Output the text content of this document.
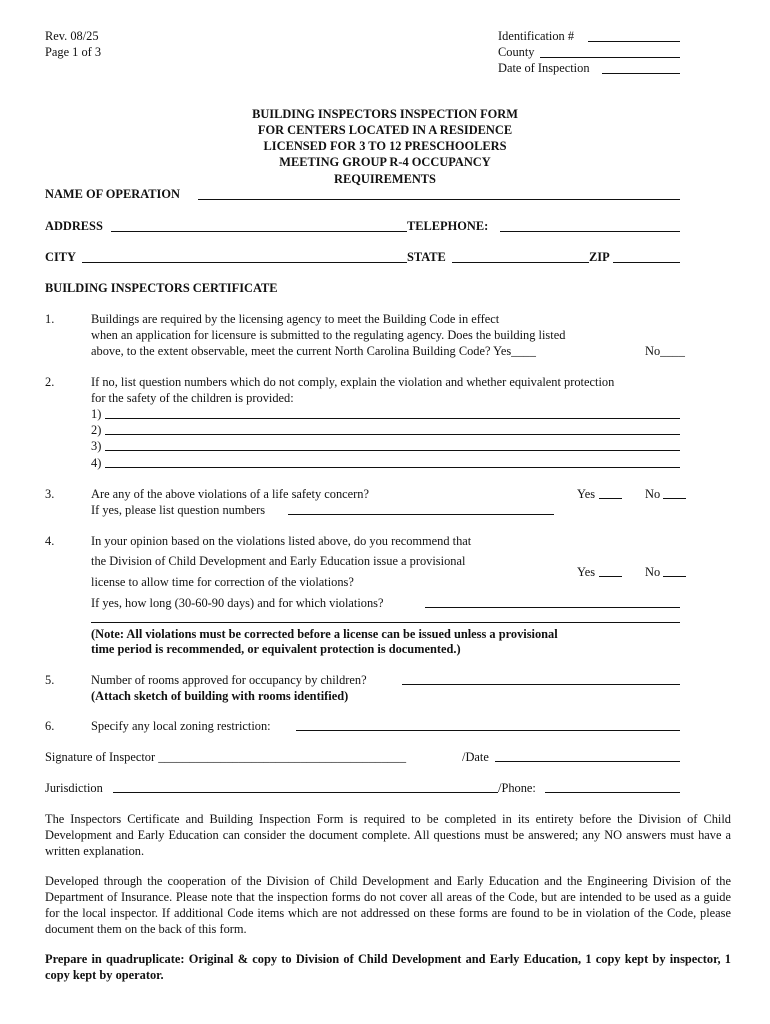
Rev. 08/25
Page 1 of 3
Identification #
County
Date of Inspection
BUILDING INSPECTORS INSPECTION FORM
FOR CENTERS LOCATED IN A RESIDENCE
LICENSED FOR 3 TO 12 PRESCHOOLERS
MEETING GROUP R-4 OCCUPANCY
REQUIREMENTS
NAME OF OPERATION
ADDRESS	TELEPHONE:
CITY	STATE	ZIP
BUILDING INSPECTORS CERTIFICATE
1.	Buildings are required by the licensing agency to meet the Building Code in effect
when an application for licensure is submitted to the regulating agency. Does the building listed
above, to the extent observable, meet the current North Carolina Building Code? Yes____	No____
2.	If no, list question numbers which do not comply, explain the violation and whether equivalent protection
for the safety of the children is provided:
1)
2)
3)
4)
3.	Are any of the above violations of a life safety concern?	Yes	No
If yes, please list question numbers
4.	In your opinion based on the violations listed above, do you recommend that
the Division of Child Development and Early Education issue a provisional
license to allow time for correction of the violations?
Yes	No
If yes, how long (30-60-90 days) and for which violations?
(Note: All violations must be corrected before a license can be issued unless a provisional
time period is recommended, or equivalent protection is documented.)
5.	Number of rooms approved for occupancy by children?
(Attach sketch of building with rooms identified)
6.	Specify any local zoning restriction:
Signature of Inspector ________________________________________	/Date
Jurisdiction	/Phone:
The Inspectors Certificate and Building Inspection Form is required to be completed in its entirety before the Division of Child Development and Early Education can consider the document complete. All questions must be answered; any NO answers must have a written explanation.
Developed through the cooperation of the Division of Child Development and Early Education and the Engineering Division of the Department of Insurance. Please note that the inspection forms do not cover all areas of the Code, but are intended to be used as a guide for the local inspector. If additional Code items which are not addressed on these forms are found to be in violation of the Code, please document them on the back of this form.
Prepare in quadruplicate: Original & copy to Division of Child Development and Early Education, 1 copy kept by inspector, 1 copy kept by operator.
